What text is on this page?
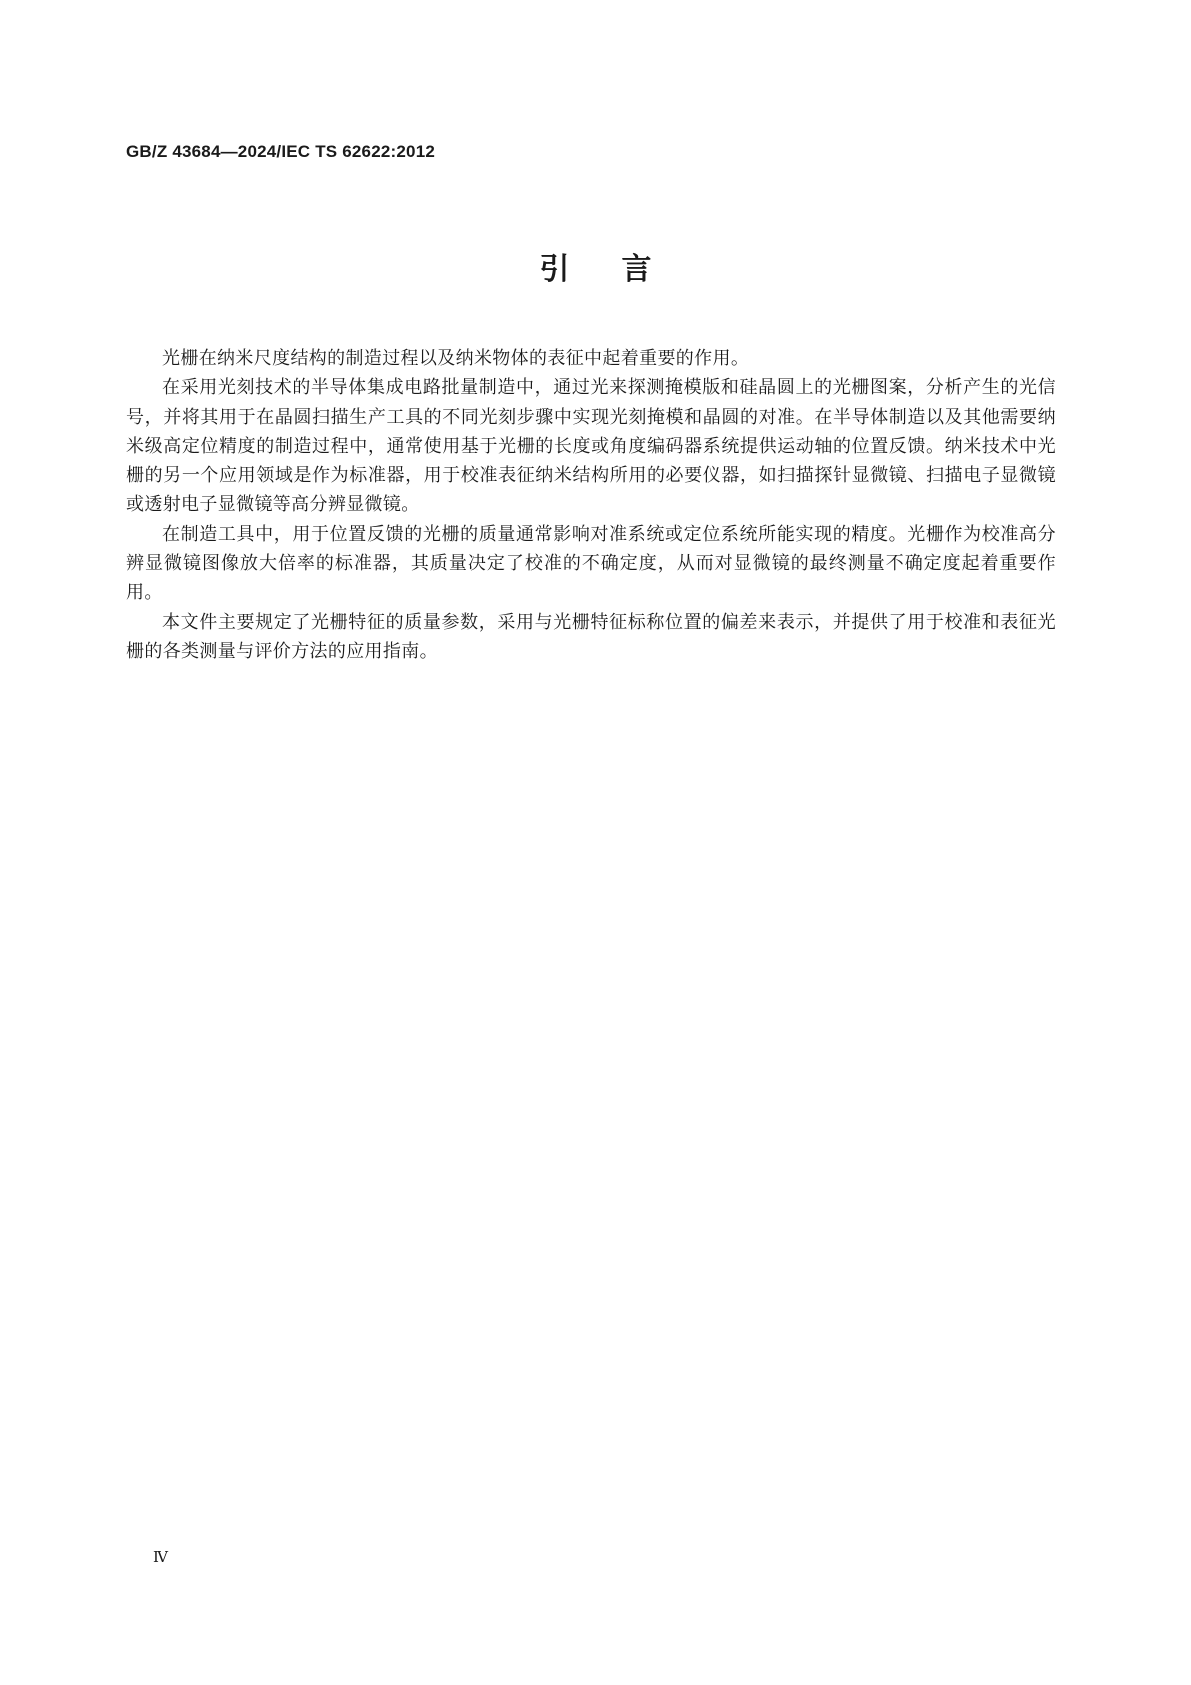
GB/Z 43684—2024/IEC TS 62622:2012
引言

光栅在纳米尺度结构的制造过程以及纳米物体的表征中起着重要的作用。

在采用光刻技术的半导体集成电路批量制造中，通过光来探测掩模版和硅晶圆上的光栅图案，分析产生的光信号，并将其用于在晶圆扫描生产工具的不同光刻步骤中实现光刻掩模和晶圆的对准。在半导体制造以及其他需要纳米级高定位精度的制造过程中，通常使用基于光栅的长度或角度编码器系统提供运动轴的位置反馈。纳米技术中光栅的另一个应用领域是作为标准器，用于校准表征纳米结构所用的必要仪器，如扫描探针显微镜、扫描电子显微镜或透射电子显微镜等高分辨显微镜。

在制造工具中，用于位置反馈的光栅的质量通常影响对准系统或定位系统所能实现的精度。光栅作为校准高分辨显微镜图像放大倍率的标准器，其质量决定了校准的不确定度，从而对显微镜的最终测量不确定度起着重要作用。

本文件主要规定了光栅特征的质量参数，采用与光栅特征标称位置的偏差来表示，并提供了用于校准和表征光栅的各类测量与评价方法的应用指南。

Ⅳ
